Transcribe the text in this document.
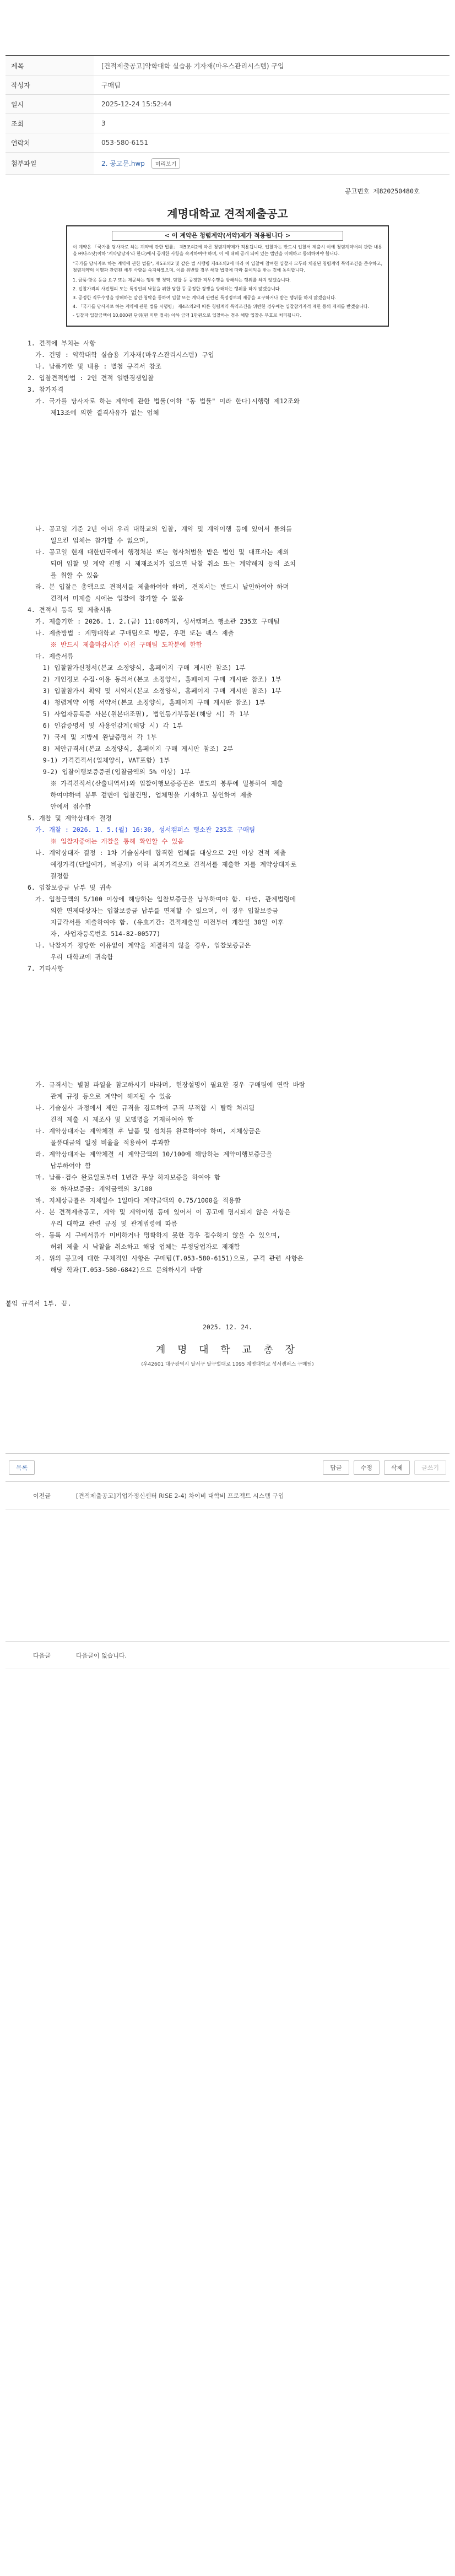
제목	[건적제출공고]약학대학 실습용 기자재(마우스관리시스템) 구입
작성자	구매팀
일시	2025-12-24 15:52:44
조회	3
연락처	053-580-6151
첨부파일	2. 공고문.hwp 미리보기
공고번호 제820250480호
계명대학교 견적제출공고
< 이 계약은 청렴계약(서약)제가 적용됩니다 >
이 계약은 「국가를 당사자로 하는 계약에 관한 법률」 제5조의2에 따른 청렴계약제가 적용됩니다. 입찰자는 반드시 입찰서 제출시 이에 청렴계약서의 관한 내용을 ㈜나스닷(이하 '계약담당자'라 한다)에서 공개한 사항을 숙지하여야 하며, 이 에 대해 공개 되어 있는 법안을 이해하고 동의하여야 합니다.
"국가를 당사자로 하는 계약에 관한 법률", 제5조의2 및 같은 법 시행령 제4조의2에 따라 이 입찰에 참여한 입찰자 모두와 체결된 청렴계약 특약조건을 준수하고, 청렴계약의 이행과 관련된 세부 사항을 숙지하였으며, 이를 위반할 경우 해당 법령에 따라 불이익을 받는 것에 동의합니다.
1. 금품·향응 등을 요구 또는 제공하는 행위 및 청탁, 담합 등 공정한 직무수행을 방해하는 행위를 하지 않겠습니다.
2. 입찰가격의 사전협의 또는 특정인의 낙찰을 위한 담합 등 공정한 경쟁을 방해하는 행위를 하지 않겠습니다.
3. 공정한 직무수행을 방해하는 알선·청탁을 통하여 입찰 또는 계약과 관련된 특정정보의 제공을 요구하거나 받는 행위를 하지 않겠습니다.
4. 「국가를 당사자로 하는 계약에 관한 법률 시행령」 제4조의2에 따른 청렴계약 특약조건을 위반한 경우에는 입찰참가자격 제한 등의 제재를 받겠습니다.
- 입찰자 입찰금액이 10,000원 단위(원 미만 절사) 이하 금액 1만원으로 입찰하는 경우 해당 입찰은 무효로 처리됩니다.
1. 견적에 부치는 사항
가. 건명 : 약학대학 실습용 기자재(마우스관리시스템) 구입
나. 납품기한 및 내용 : 별첨 규격서 참조
2. 입찰견적방법 : 2인 견적 일반경쟁입찰
3. 참가자격
가. 국가를 당사자로 하는 계약에 관한 법률(이하 "동 법률" 이라 한다)시행령 제12조와
제13조에 의한 결격사유가 없는 업체
나. 공고일 기준 2년 이내 우리 대학교의 입찰, 계약 및 계약이행 등에 있어서 물의를
일으킨 업체는 참가할 수 없으며,
다. 공고일 현재 대한민국에서 행정처분 또는 형사처벌을 받은 법인 및 대표자는 제외
되며 입찰 및 계약 진행 시 제재조치가 있으면 낙찰 취소 또는 계약해지 등의 조치
를 취할 수 있음
라. 본 입찰은 총액으로 견적서를 제출하여야 하며, 견적서는 반드시 날인하여야 하며
견적서 미제출 시에는 입찰에 참가할 수 없음
4. 견적서 등록 및 제출서류
가. 제출기한 : 2026. 1. 2.(금) 11:00까지, 성서캠퍼스 행소관 235호 구매팀
나. 제출방법 : 계명대학교 구매팀으로 방문, 우편 또는 팩스 제출
※ 반드시 제출마감시간 이전 구매팀 도착분에 한함
다. 제출서류
1) 입찰참가신청서(본교 소정양식, 홈페이지 구매 게시판 참조) 1부
2) 개인정보 수집·이용 동의서(본교 소정양식, 홈페이지 구매 게시판 참조) 1부
3) 입찰참가시 확약 및 서약서(본교 소정양식, 홈페이지 구매 게시판 참조) 1부
4) 청렴계약 이행 서약서(본교 소정양식, 홈페이지 구매 게시판 참조) 1부
5) 사업자등록증 사본(원본대조필), 법인등기부등본(해당 시) 각 1부
6) 인감증명서 및 사용인감계(해당 시) 각 1부
7) 국세 및 지방세 완납증명서 각 1부
8) 제안규격서(본교 소정양식, 홈페이지 구매 게시판 참조) 2부
9-1) 가격견적서(업체양식, VAT포함) 1부
9-2) 입찰이행보증증권(입찰금액의 5% 이상) 1부
※ 가격견적서(산출내역서)와 입찰이행보증증권은 별도의 봉투에 밀봉하여 제출
하여야하며 봉투 겉면에 입찰건명, 업체명을 기재하고 봉인하여 제출
안에서 접수함
5. 개찰 및 계약상대자 결정
가. 개찰 : 2026. 1. 5.(월) 16:30, 성서캠퍼스 행소관 235호 구매팀
※ 입찰자중에는 개찰을 통해 확인할 수 있음
나. 계약상대자 결정 : 1차 기술심사에 합격한 업체를 대상으로 2인 이상 견적 제출
예정가격(단일예가, 비공개) 이하 최저가격으로 견적서를 제출한 자를 계약상대자로
결정함
6. 입찰보증금 납부 및 귀속
가. 입찰금액의 5/100 이상에 해당하는 입찰보증금을 납부하여야 함. 다만, 관계법령에
의한 면제대상자는 입찰보증금 납부를 면제할 수 있으며, 이 경우 입찰보증금
지급각서를 제출하여야 함. (유효기간: 견적제출일 이전부터 개찰일 30일 이후
자, 사업자등록번호 514-82-00577)
나. 낙찰자가 정당한 이유없이 계약을 체결하지 않을 경우, 입찰보증금은
우리 대학교에 귀속함
7. 기타사항
가. 규격서는 별첨 파일을 참고하시기 바라며, 현장설명이 필요한 경우 구매팀에 연락 바람
관계 규정 등으로 계약이 해지될 수 있음
나. 기술심사 과정에서 제안 규격을 검토하여 규격 부적합 시 탈락 처리됨
견적 제출 시 제조사 및 모델명을 기재하여야 함
다. 계약상대자는 계약체결 후 납품 및 설치를 완료하여야 하며, 지체상금은
물품대금의 일정 비율을 적용하여 부과함
라. 계약상대자는 계약체결 시 계약금액의 10/100에 해당하는 계약이행보증금을
납부하여야 함
마. 납품·검수 완료일로부터 1년간 무상 하자보증을 하여야 함
※ 하자보증금: 계약금액의 3/100
바. 지체상금률은 지체일수 1일마다 계약금액의 0.75/1000을 적용함
사. 본 견적제출공고, 계약 및 계약이행 등에 있어서 이 공고에 명시되지 않은 사항은
우리 대학교 관련 규정 및 관계법령에 따름
아. 등록 시 구비서류가 미비하거나 명확하지 못한 경우 접수하지 않을 수 있으며,
허위 제출 시 낙찰을 취소하고 해당 업체는 부정당업자로 제재함
자. 위의 공고에 대한 구체적인 사항은 구매팀(T.053-580-6151)으로, 규격 관련 사항은
해당 학과(T.053-580-6842)으로 문의하시기 바람
붙임 규격서 1부. 끝.
2025. 12. 24.
계 명 대 학 교 총 장
(우42601 대구광역시 달서구 달구벌대로 1095 계명대학교 성서캠퍼스 구매팀)
목록	답글	수정	삭제	글쓰기
이전글	[견적제출공고]기업가정신센터 RISE 2-4) 차이비 대학비 프로젝트 시스템 구입
다음글	다음글이 없습니다.
